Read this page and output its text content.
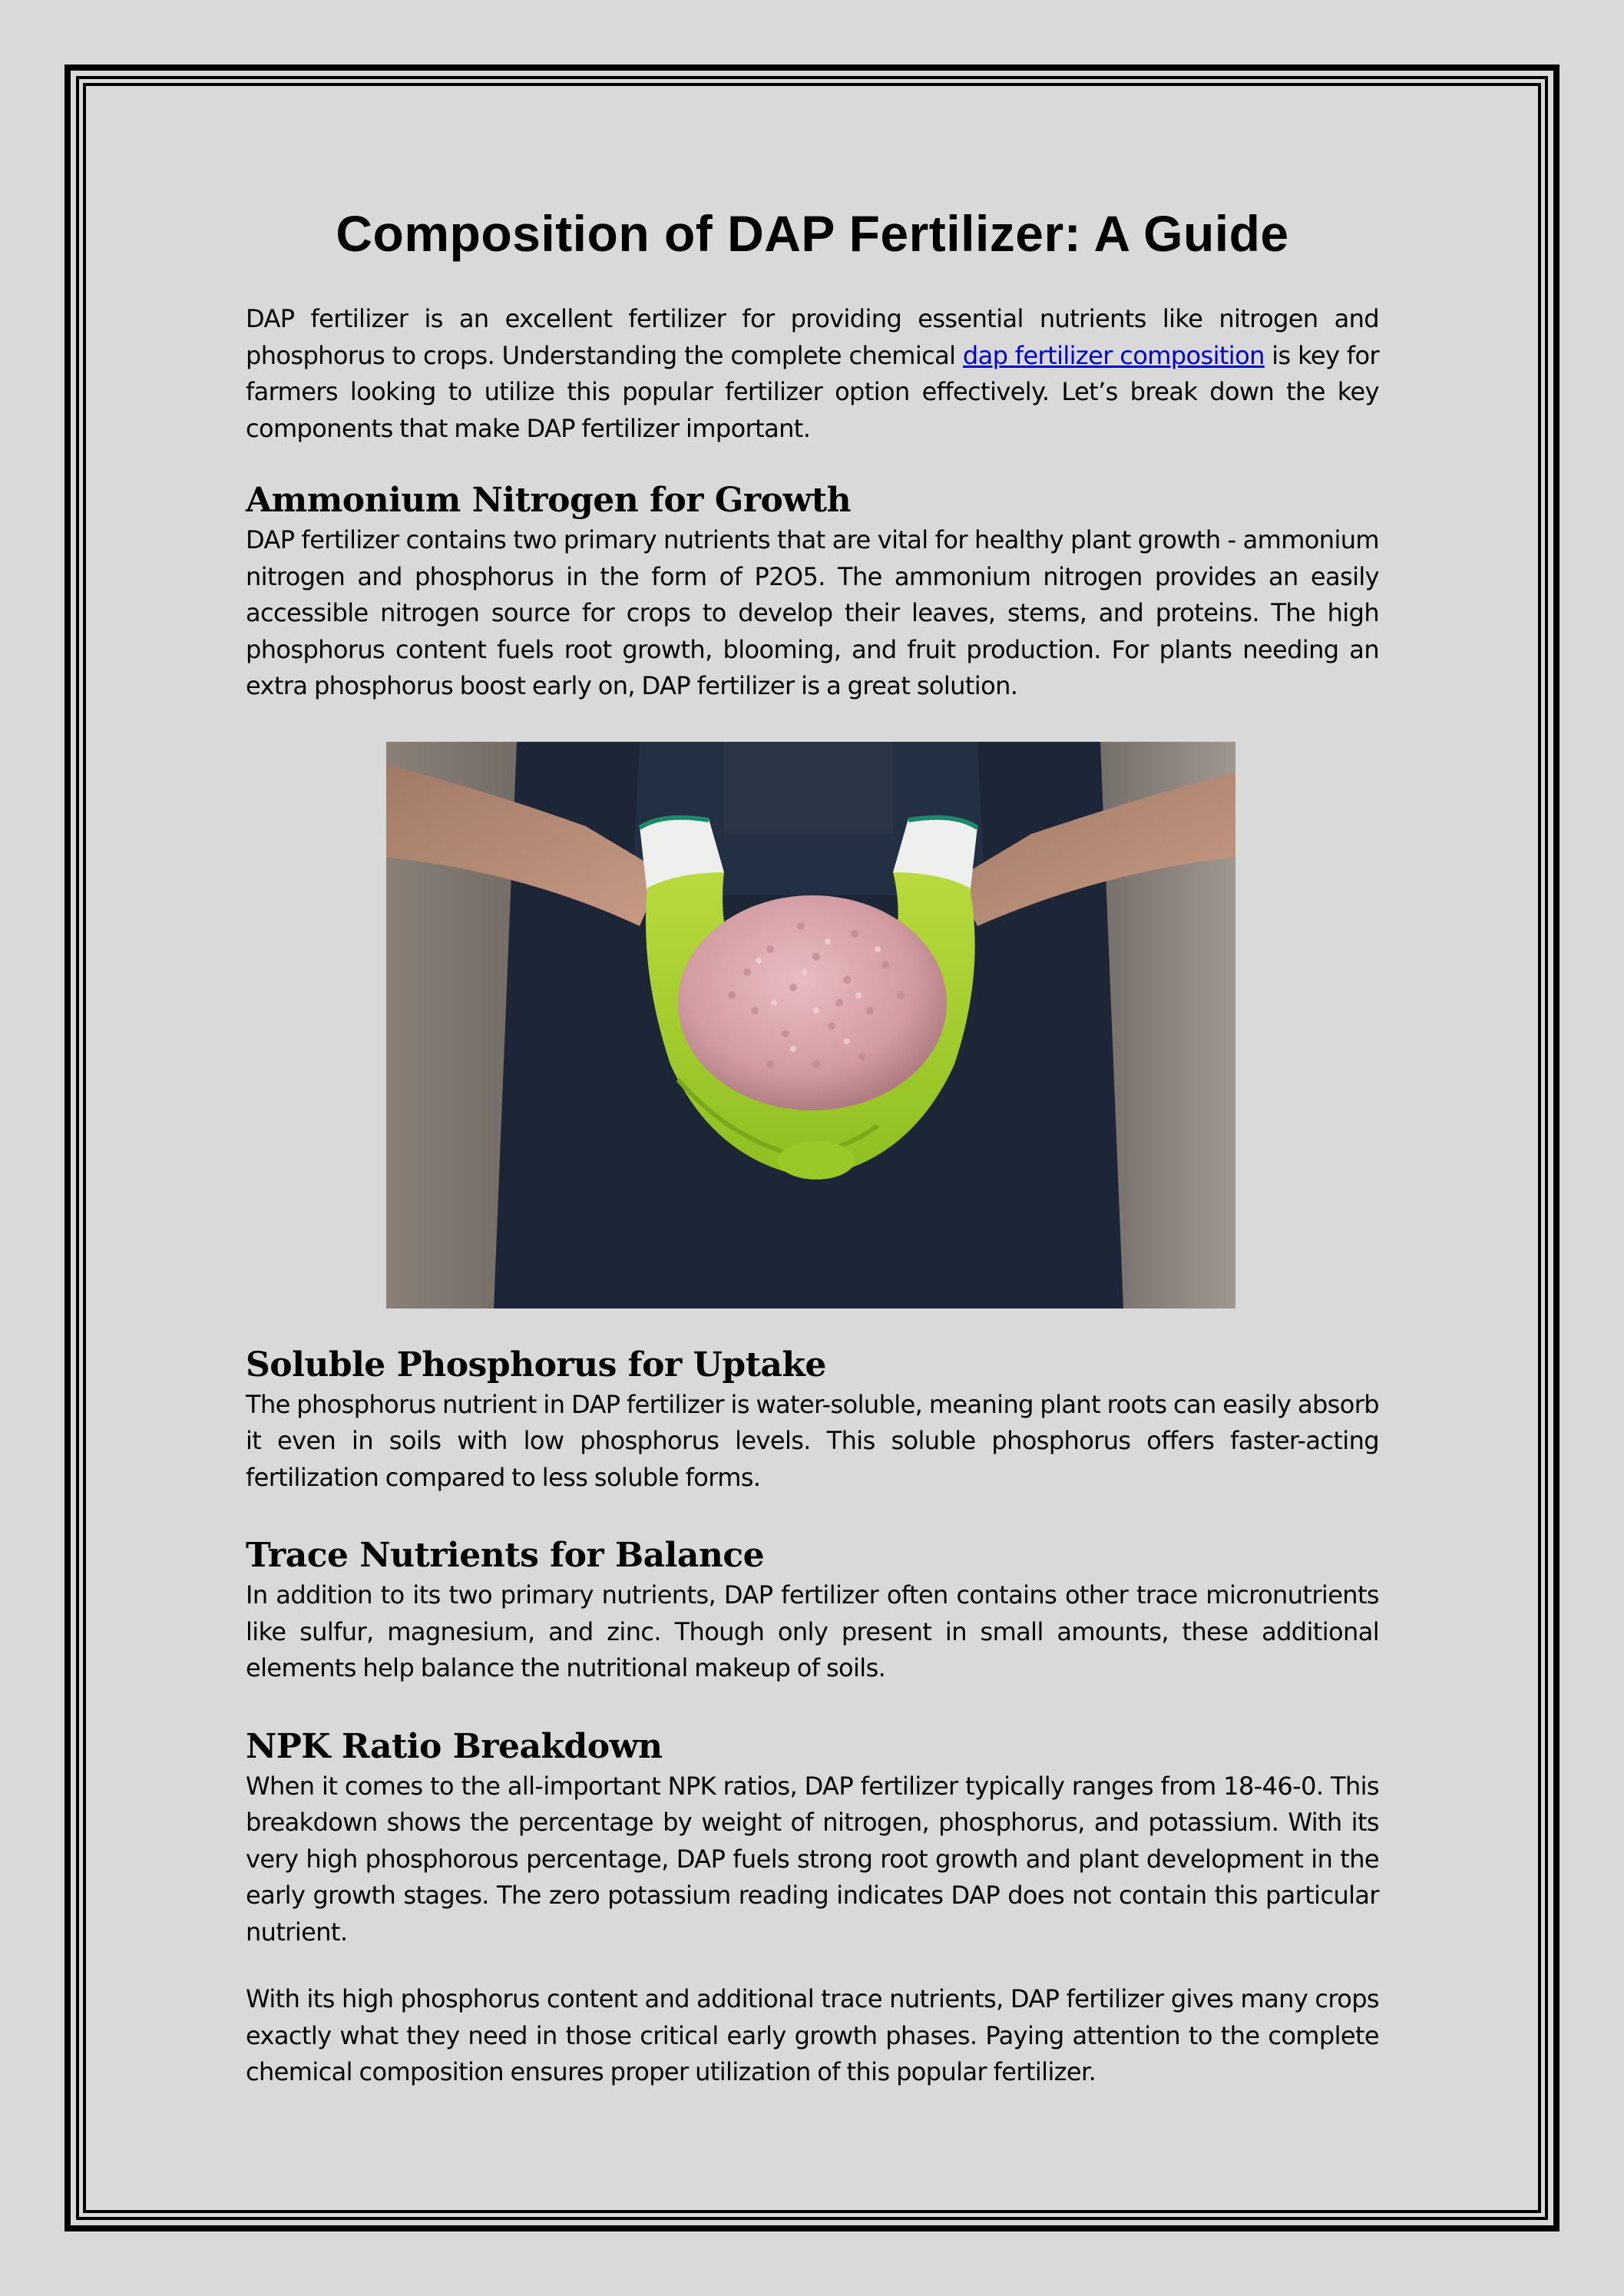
Composition of DAP Fertilizer: A Guide

DAP fertilizer is an excellent fertilizer for providing essential nutrients like nitrogen and phosphorus to crops. Understanding the complete chemical dap fertilizer composition is key for farmers looking to utilize this popular fertilizer option effectively. Let’s break down the key components that make DAP fertilizer important.

Ammonium Nitrogen for Growth

DAP fertilizer contains two primary nutrients that are vital for healthy plant growth - ammonium nitrogen and phosphorus in the form of P2O5. The ammonium nitrogen provides an easily accessible nitrogen source for crops to develop their leaves, stems, and proteins. The high phosphorus content fuels root growth, blooming, and fruit production. For plants needing an extra phosphorus boost early on, DAP fertilizer is a great solution.

Soluble Phosphorus for Uptake

The phosphorus nutrient in DAP fertilizer is water-soluble, meaning plant roots can easily absorb it even in soils with low phosphorus levels. This soluble phosphorus offers faster-acting fertilization compared to less soluble forms.

Trace Nutrients for Balance

In addition to its two primary nutrients, DAP fertilizer often contains other trace micronutrients like sulfur, magnesium, and zinc. Though only present in small amounts, these additional elements help balance the nutritional makeup of soils.

NPK Ratio Breakdown

When it comes to the all-important NPK ratios, DAP fertilizer typically ranges from 18-46-0. This breakdown shows the percentage by weight of nitrogen, phosphorus, and potassium. With its very high phosphorous percentage, DAP fuels strong root growth and plant development in the early growth stages. The zero potassium reading indicates DAP does not contain this particular nutrient.

With its high phosphorus content and additional trace nutrients, DAP fertilizer gives many crops exactly what they need in those critical early growth phases. Paying attention to the complete chemical composition ensures proper utilization of this popular fertilizer.
